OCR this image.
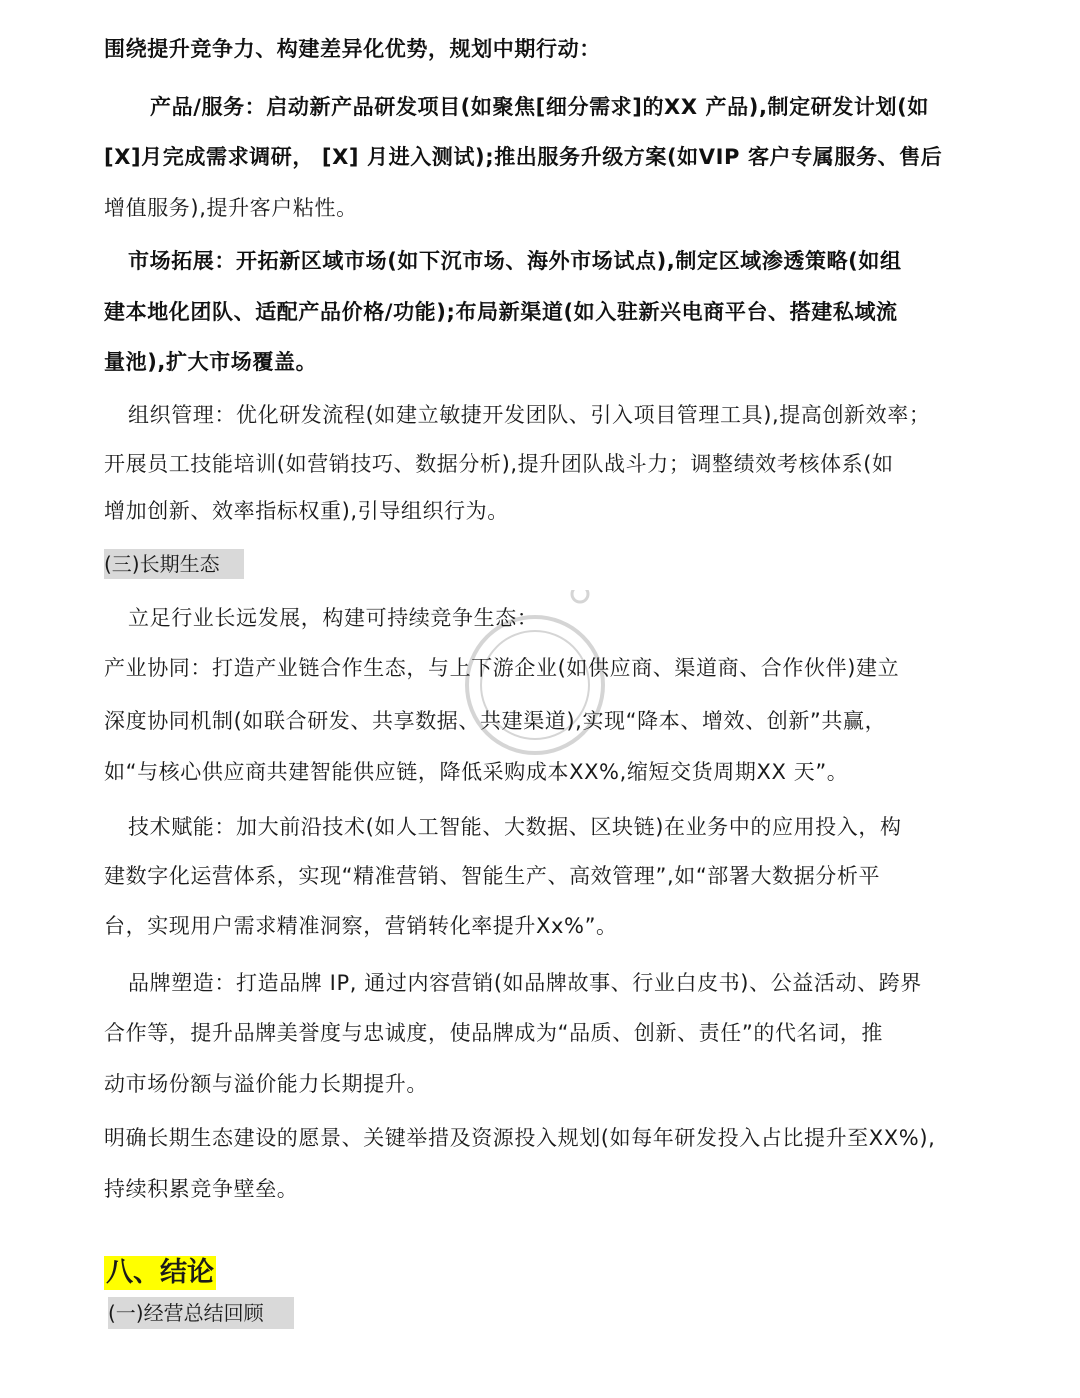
围绕提升竞争力、构建差异化优势，规划中期行动：
产品/服务：启动新产品研发项目(如聚焦[细分需求]的XX 产品),制定研发计划(如
[X]月完成需求调研， [X] 月进入测试);推出服务升级方案(如VIP 客户专属服务、售后
增值服务),提升客户粘性。
市场拓展：开拓新区域市场(如下沉市场、海外市场试点),制定区域渗透策略(如组
建本地化团队、适配产品价格/功能);布局新渠道(如入驻新兴电商平台、搭建私域流
量池),扩大市场覆盖。
组织管理：优化研发流程(如建立敏捷开发团队、引入项目管理工具),提高创新效率；
开展员工技能培训(如营销技巧、数据分析),提升团队战斗力；调整绩效考核体系(如
增加创新、效率指标权重),引导组织行为。
(三)长期生态
立足行业长远发展，构建可持续竞争生态：
产业协同：打造产业链合作生态，与上下游企业(如供应商、渠道商、合作伙伴)建立
深度协同机制(如联合研发、共享数据、共建渠道),实现“降本、增效、创新”共赢，
如“与核心供应商共建智能供应链，降低采购成本XX%,缩短交货周期XX 天”。
技术赋能：加大前沿技术(如人工智能、大数据、区块链)在业务中的应用投入，构
建数字化运营体系，实现“精准营销、智能生产、高效管理”,如“部署大数据分析平
台，实现用户需求精准洞察，营销转化率提升Xx%”。
品牌塑造：打造品牌 IP, 通过内容营销(如品牌故事、行业白皮书)、公益活动、跨界
合作等，提升品牌美誉度与忠诚度，使品牌成为“品质、创新、责任”的代名词，推
动市场份额与溢价能力长期提升。
明确长期生态建设的愿景、关键举措及资源投入规划(如每年研发投入占比提升至XX%),
持续积累竞争壁垒。
八、结论
(一)经营总结回顾
